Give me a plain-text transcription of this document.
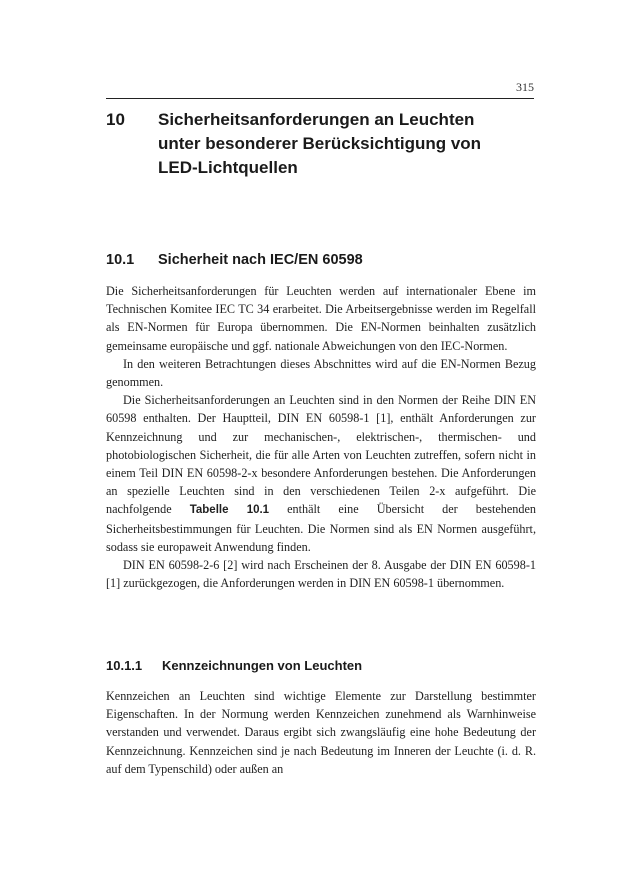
315
10 Sicherheitsanforderungen an Leuchten
unter besonderer Berücksichtigung von
LED-Lichtquellen
10.1 Sicherheit nach IEC/EN 60598

Die Sicherheitsanforderungen für Leuchten werden auf internationaler Ebene im Technischen Komitee IEC TC 34 erarbeitet. Die Arbeitsergebnisse werden im Regelfall als EN-Normen für Europa übernommen. Die EN-Normen beinhalten zusätzlich gemeinsame europäische und ggf. nationale Abweichungen von den IEC-Normen.

In den weiteren Betrachtungen dieses Abschnittes wird auf die EN-Normen Bezug genommen.

Die Sicherheitsanforderungen an Leuchten sind in den Normen der Reihe DIN EN 60598 enthalten. Der Hauptteil, DIN EN 60598-1 [1], enthält Anforderungen zur Kennzeichnung und zur mechanischen-, elektrischen-, thermischen- und photobiologischen Sicherheit, die für alle Arten von Leuchten zutreffen, sofern nicht in einem Teil DIN EN 60598-2-x besondere Anforderungen bestehen. Die Anforderungen an spezielle Leuchten sind in den verschiedenen Teilen 2-x aufgeführt. Die nachfolgende Tabelle 10.1 enthält eine Übersicht der bestehenden Sicherheitsbestimmungen für Leuchten. Die Normen sind als EN Normen ausgeführt, sodass sie europaweit Anwendung finden.

DIN EN 60598-2-6 [2] wird nach Erscheinen der 8. Ausgabe der DIN EN 60598-1 [1] zurückgezogen, die Anforderungen werden in DIN EN 60598-1 übernommen.

10.1.1 Kennzeichnungen von Leuchten

Kennzeichen an Leuchten sind wichtige Elemente zur Darstellung bestimmter Eigenschaften. In der Normung werden Kennzeichen zunehmend als Warnhinweise verstanden und verwendet. Daraus ergibt sich zwangsläufig eine hohe Bedeutung der Kennzeichnung. Kennzeichen sind je nach Bedeutung im Inneren der Leuchte (i. d. R. auf dem Typenschild) oder außen an
